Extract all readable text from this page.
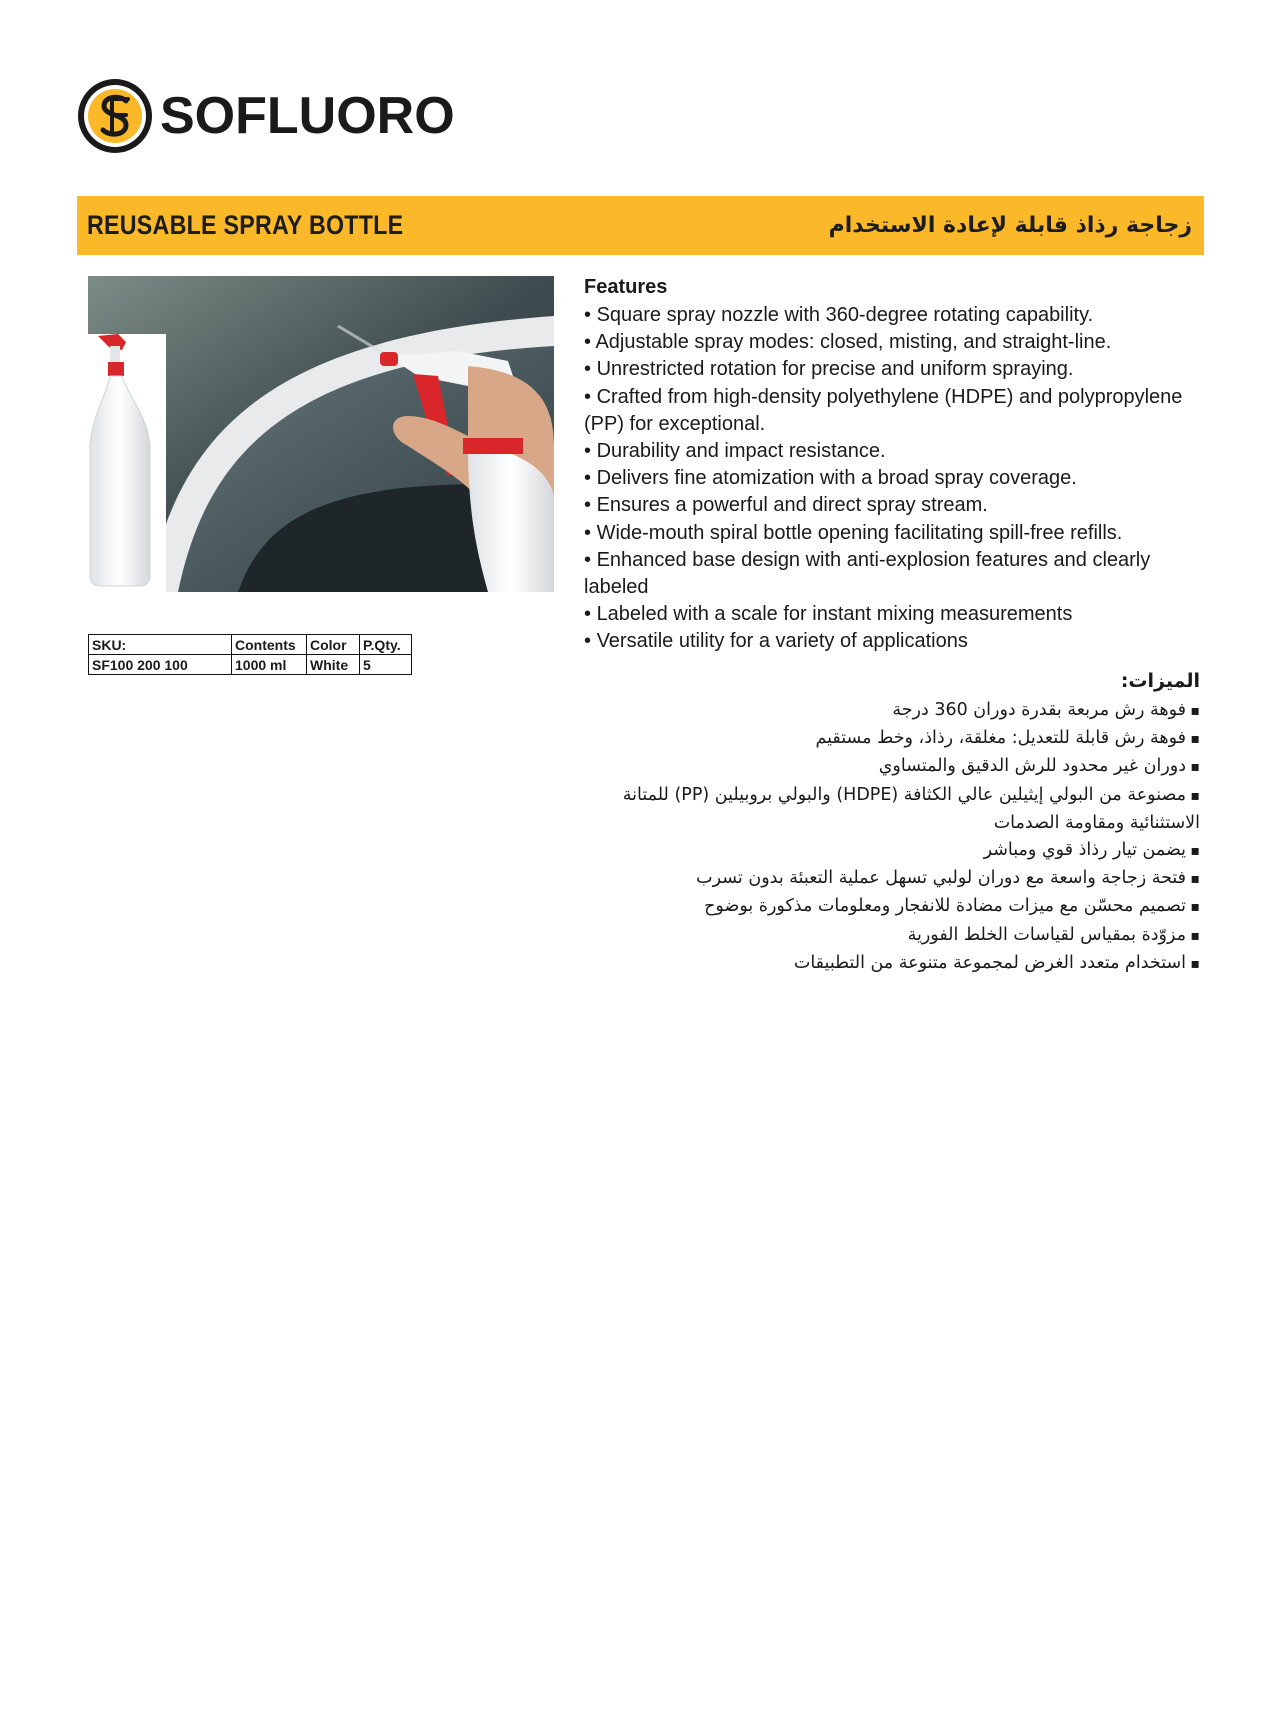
SOFLUORO
REUSABLE SPRAY BOTTLE	زجاجة رذاذ قابلة لإعادة الاستخدام
SKU:	Contents	Color	P.Qty.
SF100 200 100	1000 ml	White	5
Features
• Square spray nozzle with 360-degree rotating capability.
• Adjustable spray modes: closed, misting, and straight-line.
• Unrestricted rotation for precise and uniform spraying.
• Crafted from high-density polyethylene (HDPE) and polypropylene (PP) for exceptional.
• Durability and impact resistance.
• Delivers fine atomization with a broad spray coverage.
• Ensures a powerful and direct spray stream.
• Wide-mouth spiral bottle opening facilitating spill-free refills.
• Enhanced base design with anti-explosion features and clearly labeled
• Labeled with a scale for instant mixing measurements
• Versatile utility for a variety of applications
الميزات:
▪ فوهة رش مربعة بقدرة دوران 360 درجة
▪ فوهة رش قابلة للتعديل: مغلقة، رذاذ، وخط مستقيم
▪ دوران غير محدود للرش الدقيق والمتساوي
▪ مصنوعة من البولي إيثيلين عالي الكثافة (HDPE) والبولي بروبيلين (PP) للمتانة الاستثنائية ومقاومة الصدمات
▪ يضمن تيار رذاذ قوي ومباشر
▪ فتحة زجاجة واسعة مع دوران لولبي تسهل عملية التعبئة بدون تسرب
▪ تصميم محسّن مع ميزات مضادة للانفجار ومعلومات مذكورة بوضوح
▪ مزوّدة بمقياس لقياسات الخلط الفورية
▪ استخدام متعدد الغرض لمجموعة متنوعة من التطبيقات
